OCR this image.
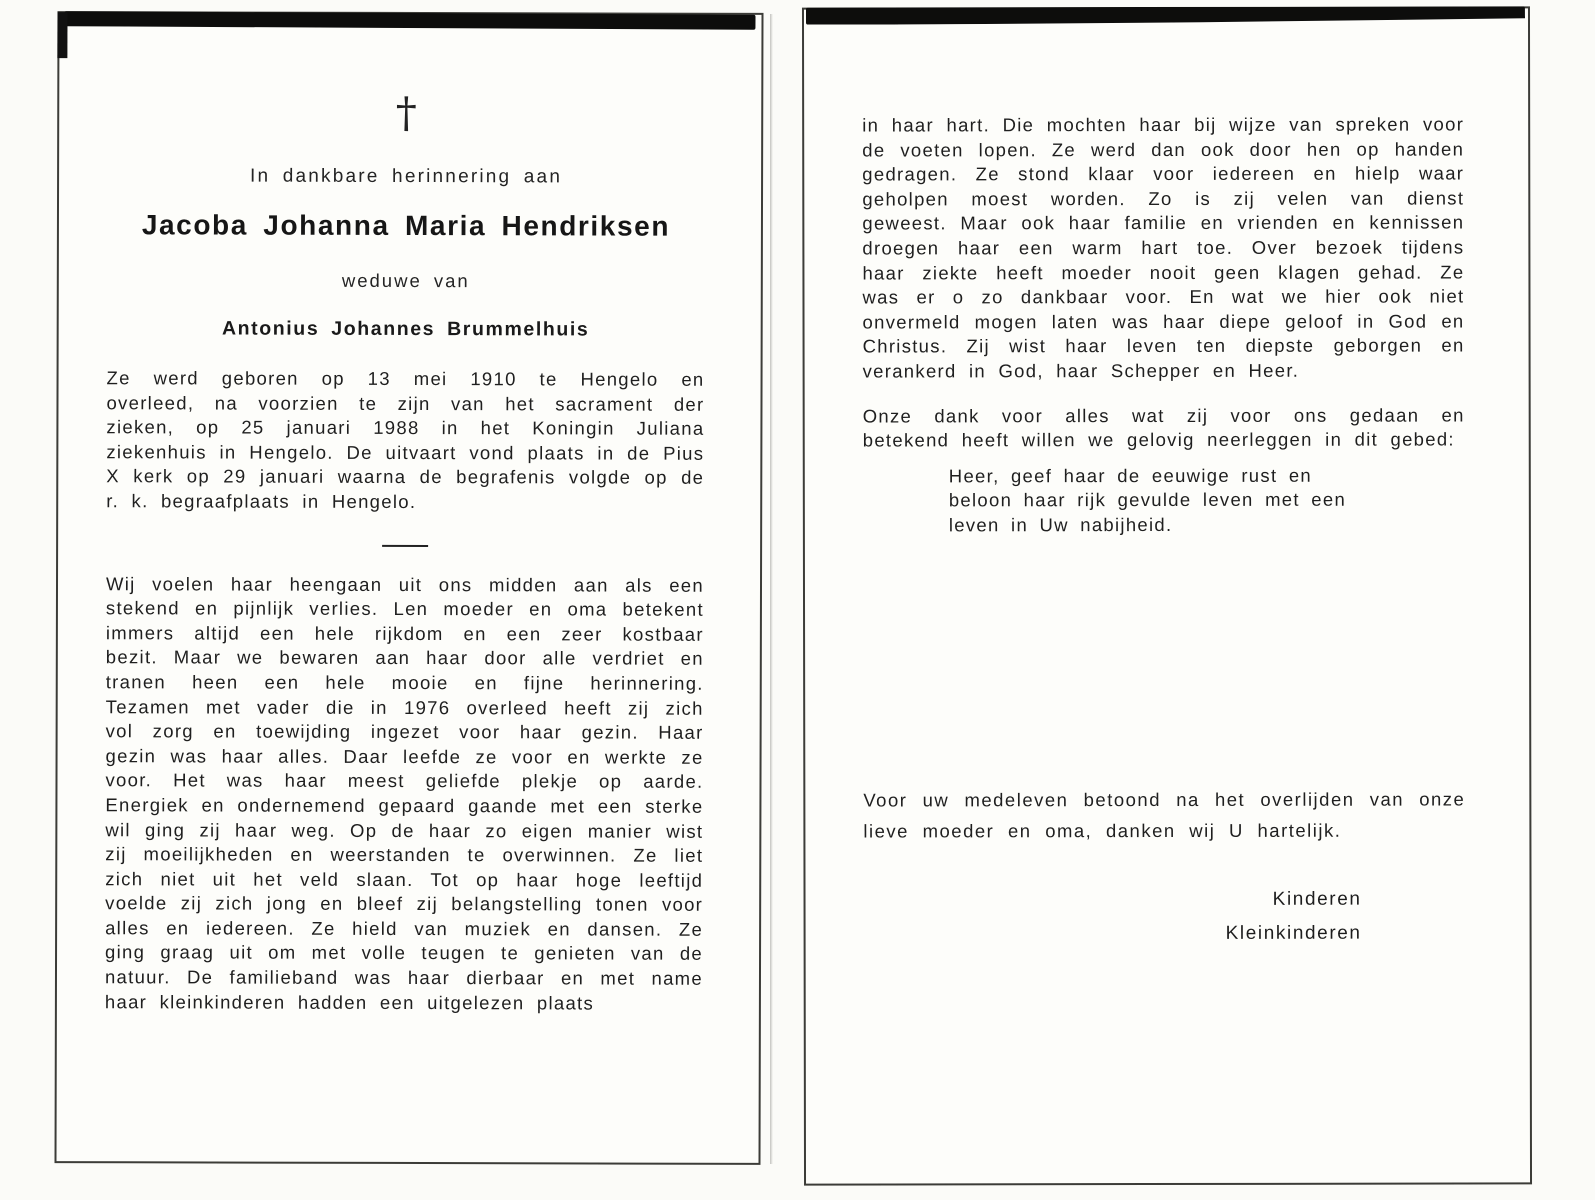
†

In dankbare herinnering aan

Jacoba Johanna Maria Hendriksen

weduwe van

Antonius Johannes Brummelhuis

Ze werd geboren op 13 mei 1910 te Hengelo en overleed, na voorzien te zijn van het sacrament der zieken, op 25 januari 1988 in het Koningin Juliana ziekenhuis in Hengelo. De uitvaart vond plaats in de Pius X kerk op 29 januari waarna de begrafenis volgde op de r. k. begraafplaats in Hengelo.

Wij voelen haar heengaan uit ons midden aan als een stekend en pijnlijk verlies. Len moeder en oma betekent immers altijd een hele rijkdom en een zeer kostbaar bezit. Maar we bewaren aan haar door alle verdriet en tranen heen een hele mooie en fijne herinnering. Tezamen met vader die in 1976 overleed heeft zij zich vol zorg en toewijding ingezet voor haar gezin. Haar gezin was haar alles. Daar leefde ze voor en werkte ze voor. Het was haar meest geliefde plekje op aarde. Energiek en ondernemend gepaard gaande met een sterke wil ging zij haar weg. Op de haar zo eigen manier wist zij moeilijkheden en weerstanden te overwinnen. Ze liet zich niet uit het veld slaan. Tot op haar hoge leeftijd voelde zij zich jong en bleef zij belangstelling tonen voor alles en iedereen. Ze hield van muziek en dansen. Ze ging graag uit om met volle teugen te genieten van de natuur. De familieband was haar dierbaar en met name haar kleinkinderen hadden een uitgelezen plaats

in haar hart. Die mochten haar bij wijze van spreken voor de voeten lopen. Ze werd dan ook door hen op handen gedragen. Ze stond klaar voor iedereen en hielp waar geholpen moest worden. Zo is zij velen van dienst geweest. Maar ook haar familie en vrienden en kennissen droegen haar een warm hart toe. Over bezoek tijdens haar ziekte heeft moeder nooit geen klagen gehad. Ze was er o zo dankbaar voor. En wat we hier ook niet onvermeld mogen laten was haar diepe geloof in God en Christus. Zij wist haar leven ten diepste geborgen en verankerd in God, haar Schepper en Heer.

Onze dank voor alles wat zij voor ons gedaan en betekend heeft willen we gelovig neerleggen in dit gebed:

Heer, geef haar de eeuwige rust en beloon haar rijk gevulde leven met een leven in Uw nabijheid.

Voor uw medeleven betoond na het overlijden van onze lieve moeder en oma, danken wij U hartelijk.

Kinderen
Kleinkinderen
